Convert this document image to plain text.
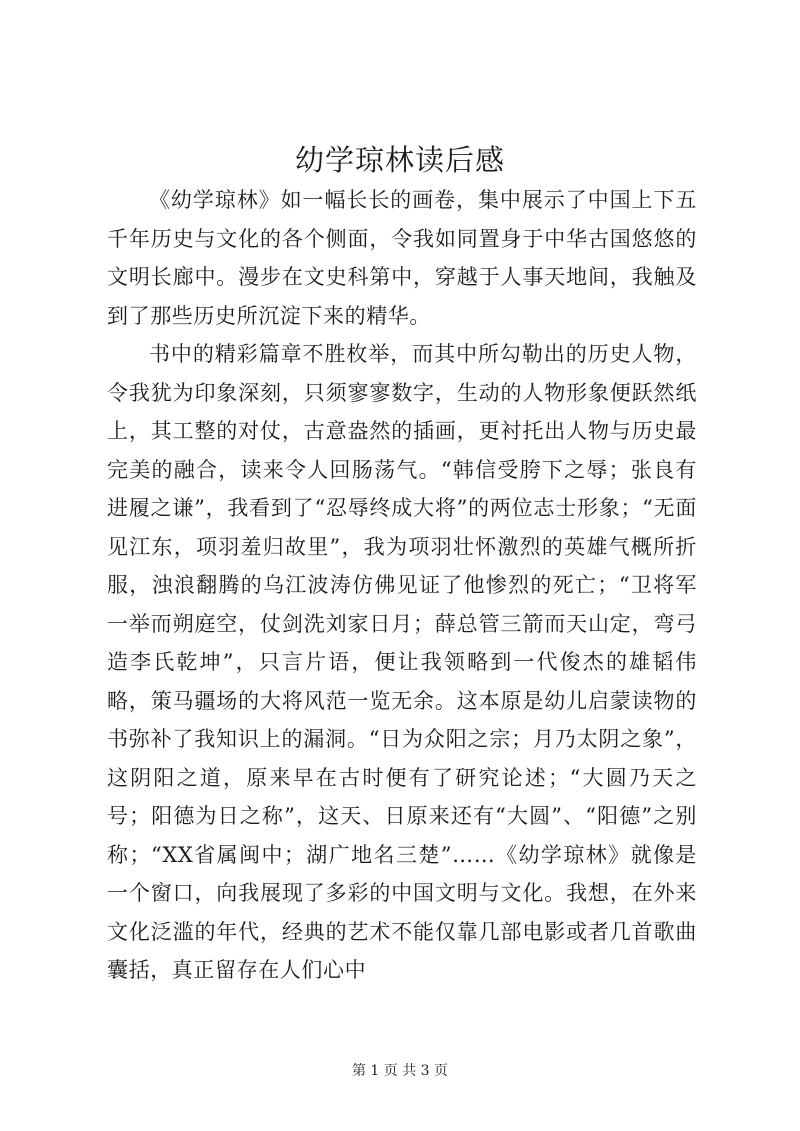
幼学琼林读后感

《幼学琼林》如一幅长长的画卷，集中展示了中国上下五千年历史与文化的各个侧面，令我如同置身于中华古国悠悠的文明长廊中。漫步在文史科第中，穿越于人事天地间，我触及到了那些历史所沉淀下来的精华。

书中的精彩篇章不胜枚举，而其中所勾勒出的历史人物，令我犹为印象深刻，只须寥寥数字，生动的人物形象便跃然纸上，其工整的对仗，古意盎然的插画，更衬托出人物与历史最完美的融合，读来令人回肠荡气。“韩信受胯下之辱；张良有进履之谦”，我看到了“忍辱终成大将”的两位志士形象；“无面见江东，项羽羞归故里”，我为项羽壮怀激烈的英雄气概所折服，浊浪翻腾的乌江波涛仿佛见证了他惨烈的死亡；“卫将军一举而朔庭空，仗剑洗刘家日月；薛总管三箭而天山定，弯弓造李氏乾坤”，只言片语，便让我领略到一代俊杰的雄韬伟略，策马疆场的大将风范一览无余。这本原是幼儿启蒙读物的书弥补了我知识上的漏洞。“日为众阳之宗；月乃太阴之象”，这阴阳之道，原来早在古时便有了研究论述；“大圆乃天之号；阳德为日之称”，这天、日原来还有“大圆”、“阳德”之别称；“XX省属闽中；湖广地名三楚”……《幼学琼林》就像是一个窗口，向我展现了多彩的中国文明与文化。我想，在外来文化泛滥的年代，经典的艺术不能仅靠几部电影或者几首歌曲囊括，真正留存在人们心中

第 1 页 共 3 页
